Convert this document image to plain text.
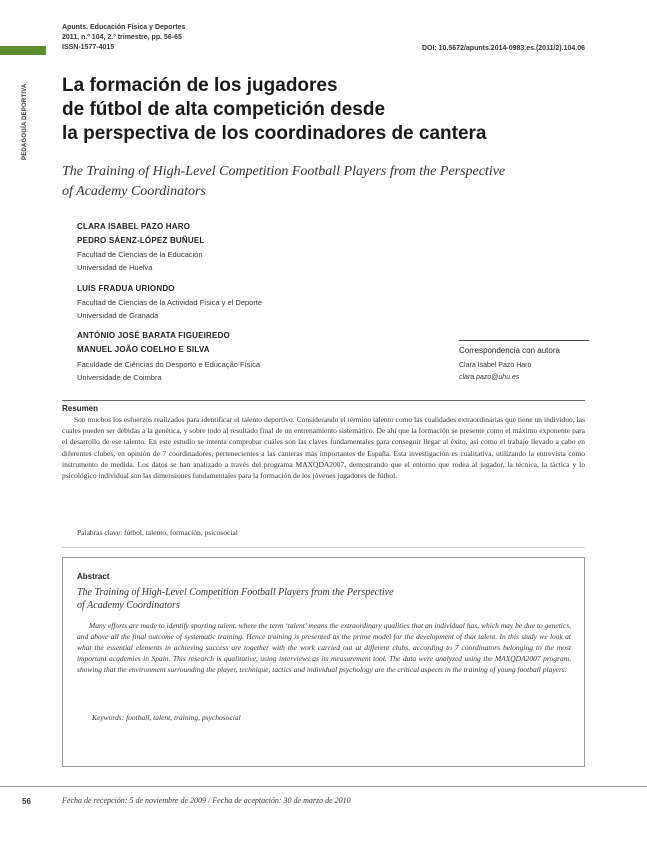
PEDAGOGÍA DEPORTIVA
Apunts. Educación Física y Deportes
2011, n.º 104, 2.º trimestre, pp. 56-65
ISSN-1577-4015	DOI: 10.5672/apunts.2014-0983.es.(2011/2).104.06
La formación de los jugadores
de fútbol de alta competición desde
la perspectiva de los coordinadores de cantera
The Training of High-Level Competition Football Players from the Perspective
of Academy Coordinators
CLARA ISABEL PAZO HARO
PEDRO SÁENZ-LÓPEZ BUÑUEL
Facultad de Ciencias de la Educación
Universidad de Huelva
LUIS FRADUA URIONDO
Facultad de Ciencias de la Actividad Física y el Deporte
Universidad de Granada
ANTÓNIO JOSÉ BARATA FIGUEIREDO
MANUEL JOÃO COELHO E SILVA
Faculdade de Ciências do Desporto e Educação Física
Universidade de Coimbra
Correspondencia con autora
Clara Isabel Pazo Haro
clara.pazo@uhu.es
Resumen
Son muchos los esfuerzos realizados para identificar el talento deportivo. Considerando el término talento como las cualidades extraordinarias que tiene un individuo, las cuales pueden ser debidas a la genética, y sobre todo al resultado final de un entrenamiento sistemático. De ahí que la formación se presente como el máximo exponente para el desarrollo de ese talento. En este estudio se intenta comprobar cuáles son las claves fundamentales para conseguir llegar al éxito, así como el trabajo llevado a cabo en diferentes clubes, en opinión de 7 coordinadores, pertenecientes a las canteras más importantes de España. Esta investigación es cualitativa, utilizando la entrevista como instrumento de medida. Los datos se han analizado a través del programa MAXQDA2007, demostrando que el entorno que rodea al jugador, la técnica, la táctica y lo psicológico individual son las dimensiones fundamentales para la formación de los jóvenes jugadores de fútbol.
Palabras clave: fútbol, talento, formación, psicosocial
Abstract
The Training of High-Level Competition Football Players from the Perspective
of Academy Coordinators
Many efforts are made to identify sporting talent, where the term ‘talent’ means the extraordinary qualities that an individual has, which may be due to genetics, and above all the final outcome of systematic training. Hence training is presented as the prime model for the development of that talent. In this study we look at what the essential elements in achieving success are together with the work carried out at different clubs, according to 7 coordinators belonging to the most important academies in Spain. This research is qualitative, using interviews as its measurement tool. The data were analyzed using the MAXQDA2007 program, showing that the environment surrounding the player, technique, tactics and individual psychology are the critical aspects in the training of young football players.
Keywords: football, talent, training, psychosocial
56	Fecha de recepción: 5 de noviembre de 2009 / Fecha de aceptación: 30 de marzo de 2010
